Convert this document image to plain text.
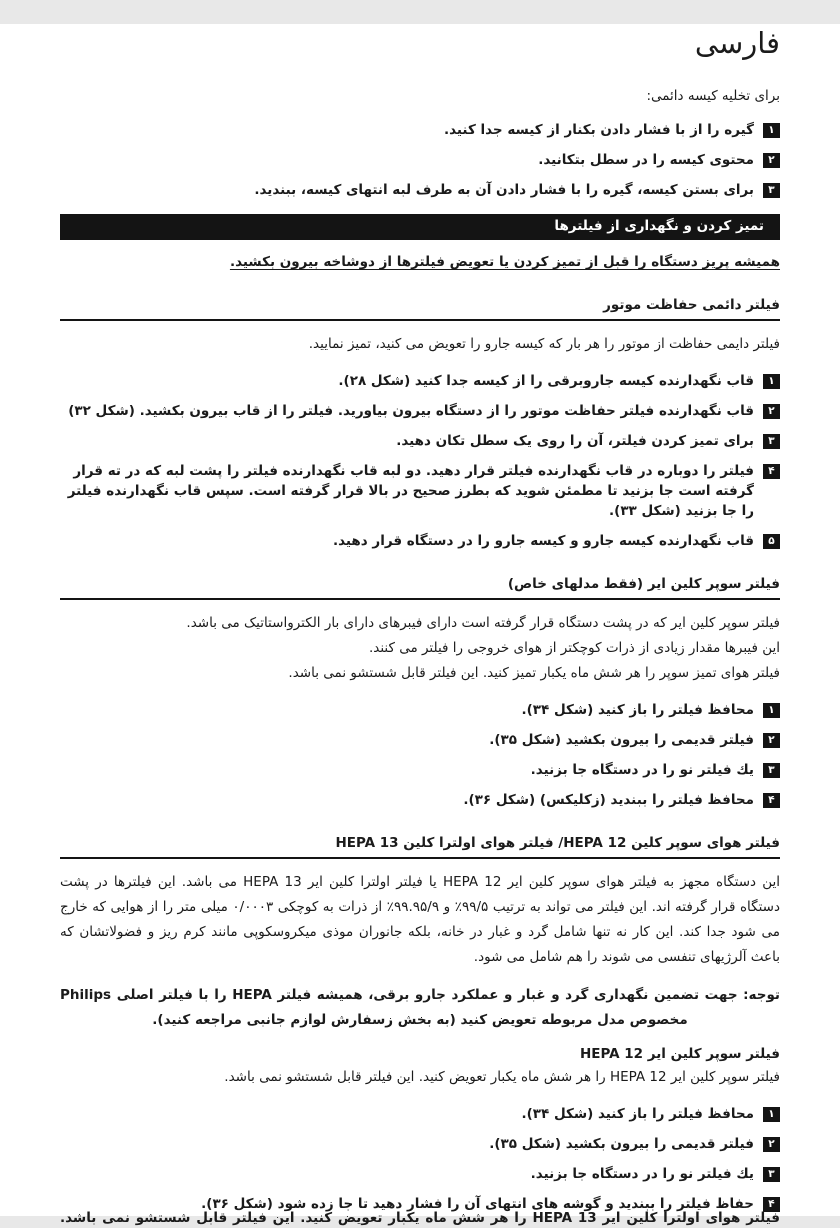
فارسی

برای تخلیه کیسه دائمی:

۱
گیره را از با فشار دادن بکنار از کیسه جدا کنید.
۲
محتوی کیسه را در سطل بتکانید.
۳
برای بستن کیسه، گیره را با فشار دادن آن به طرف لبه انتهای کیسه، ببندید.
تمیز کردن و نگهداری از فیلترها

همیشه پریز دستگاه را قبل از تمیز کردن یا تعویض فیلترها از دوشاخه بیرون بکشید.

فیلتر دائمی حفاظت موتور

فیلتر دایمی حفاظت از موتور را هر بار که کیسه جارو را تعویض می کنید، تمیز نمایید.

۱
قاب نگهدارنده کیسه جاروبرقی را از کیسه جدا کنید (شکل ۲۸).
۲
قاب نگهدارنده فیلتر حفاظت موتور را از دستگاه بیرون بیاورید. فیلتر را از قاب بیرون بکشید. (شکل ۳۲)
۳
برای تمیز کردن فیلتر، آن را روی یک سطل تکان دهید.
۴
فیلتر را دوباره در قاب نگهدارنده فیلتر قرار دهید. دو لبه قاب نگهدارنده فیلتر را پشت لبه که در ته قرار گرفته است جا بزنید تا مطمئن شوید که بطرز صحیح در بالا قرار گرفته است. سپس قاب نگهدارنده فیلتر را جا بزنید (شکل ۳۳).
۵
قاب نگهدارنده کیسه جارو و کیسه جارو را در دستگاه قرار دهید.
فیلتر سوپر کلین ایر (فقط مدلهای خاص)

فیلتر سوپر کلین ایر که در پشت دستگاه قرار گرفته است دارای فیبرهای دارای بار الکترواستاتیک می باشد.

این فیبرها مقدار زیادی از ذرات کوچکتر از هوای خروجی را فیلتر می کنند.

فیلتر هوای تمیز سوپر را هر شش ماه یکبار تمیز کنید. این فیلتر قابل شستشو نمی باشد.

۱
محافظ فیلتر را باز کنید (شکل ۳۴).
۲
فیلتر قدیمی را بیرون بکشید (شکل ۳۵).
۳
یك فیلتر نو را در دستگاه جا بزنید.
۴
محافظ فیلتر را ببندید (زکلیکس) (شکل ۳۶).
فیلتر هوای سوپر کلین HEPA 12/ فیلتر هوای اولترا کلین HEPA 13

این دستگاه مجهز به فیلتر هوای سوپر کلین ایر HEPA 12 یا فیلتر اولترا کلین ایر HEPA 13 می باشد. این فیلترها در پشت دستگاه قرار گرفته اند. این فیلتر می تواند به ترتیب ۹۹/۵٪ و ۹۹.۹۵/۹٪ از ذرات به کوچکی ۰/۰۰۰۳ میلی متر را از هوایی که خارج می شود جدا کند. این کار نه تنها شامل گرد و غبار در خانه، بلکه جانوران موذی میکروسکوپی مانند کرم ریز و فضولاتشان که باعث آلرژیهای تنفسی می شوند را هم شامل می شود.

توجه: جهت تضمین نگهداری گرد و غبار و عملکرد جارو برقی، همیشه فیلتر HEPA را با فیلتر اصلی Philips مخصوص مدل مربوطه تعویض کنید (به بخش زسفارش لوازم جانبی مراجعه کنید).

فیلتر سوپر کلین ایر HEPA 12

فیلتر سوپر کلین ایر HEPA 12 را هر شش ماه یکبار تعویض کنید. این فیلتر قابل شستشو نمی باشد.

۱
محافظ فیلتر را باز کنید (شکل ۳۴).
۲
فیلتر قدیمی را بیرون بکشید (شکل ۳۵).
۳
یك فیلتر نو را در دستگاه جا بزنید.
۴
حفاظ فیلتر را ببندید و گوشه های انتهای آن را فشار دهید تا جا زده شود (شکل ۳۶).
فیلتر هوای اولترا کلین ایر HEPA 13 را هر شش ماه یکبار تعویض کنید. این فیلتر قابل شستشو نمی باشد.
